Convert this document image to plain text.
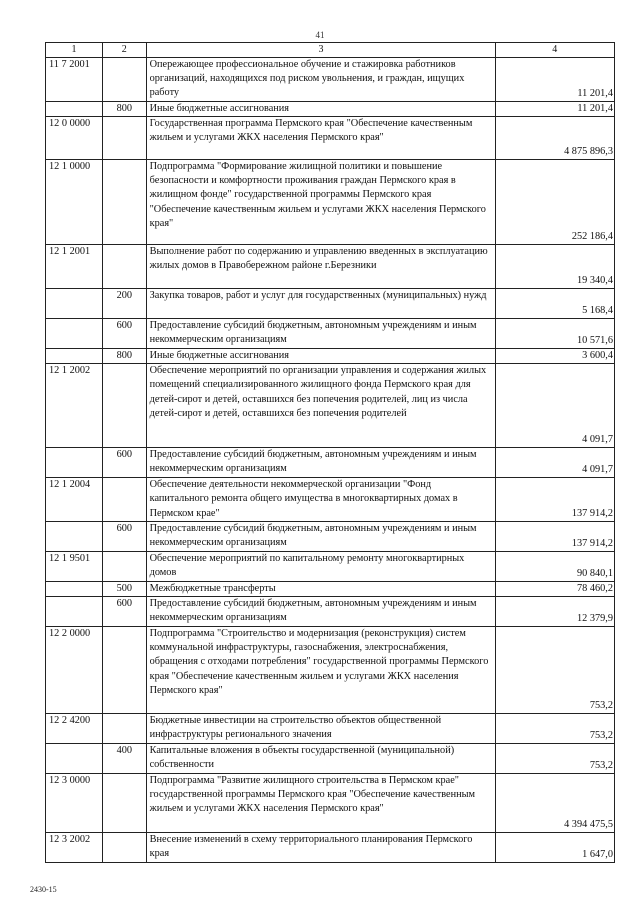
41
1	2	3	4
11 7 2001		Опережающее профессиональное обучение и стажировка работников организаций, находящихся под риском увольнения, и граждан, ищущих работу	11 201,4
	800	Иные бюджетные ассигнования	11 201,4
12 0 0000		Государственная программа Пермского края "Обеспечение качественным жильем и услугами ЖКХ населения Пермского края"	4 875 896,3
12 1 0000		Подпрограмма "Формирование жилищной политики и повышение безопасности и комфортности проживания граждан Пермского края в жилищном фонде" государственной программы Пермского края "Обеспечение качественным жильем и услугами ЖКХ населения Пермского края"	252 186,4
12 1 2001		Выполнение работ по содержанию и управлению введенных в эксплуатацию жилых домов в Правобережном районе г.Березники	19 340,4
	200	Закупка товаров, работ и услуг для государственных (муниципальных) нужд	5 168,4
	600	Предоставление субсидий бюджетным, автономным учреждениям и иным некоммерческим организациям	10 571,6
	800	Иные бюджетные ассигнования	3 600,4
12 1 2002		Обеспечение мероприятий по организации управления и содержания жилых помещений специализированного жилищного фонда Пермского края для детей-сирот и детей, оставшихся без попечения родителей, лиц из числа детей-сирот и детей, оставшихся без попечения родителей	4 091,7
	600	Предоставление субсидий бюджетным, автономным учреждениям и иным некоммерческим организациям	4 091,7
12 1 2004		Обеспечение деятельности некоммерческой организации "Фонд капитального ремонта общего имущества в многоквартирных домах в Пермском крае"	137 914,2
	600	Предоставление субсидий бюджетным, автономным учреждениям и иным некоммерческим организациям	137 914,2
12 1 9501		Обеспечение мероприятий по капитальному ремонту многоквартирных домов	90 840,1
	500	Межбюджетные трансферты	78 460,2
	600	Предоставление субсидий бюджетным, автономным учреждениям и иным некоммерческим организациям	12 379,9
12 2 0000		Подпрограмма "Строительство и модернизация (реконструкция) систем коммунальной инфраструктуры, газоснабжения, электроснабжения, обращения с отходами потребления" государственной программы Пермского края "Обеспечение качественным жильем и услугами ЖКХ населения Пермского края"	753,2
12 2 4200		Бюджетные инвестиции на строительство объектов общественной инфраструктуры регионального значения	753,2
	400	Капитальные вложения в объекты государственной (муниципальной) собственности	753,2
12 3 0000		Подпрограмма "Развитие жилищного строительства в Пермском крае" государственной программы Пермского края "Обеспечение качественным жильем и услугами ЖКХ населения Пермского края"	4 394 475,5
12 3 2002		Внесение изменений в схему территориального планирования Пермского края	1 647,0
2430-15
